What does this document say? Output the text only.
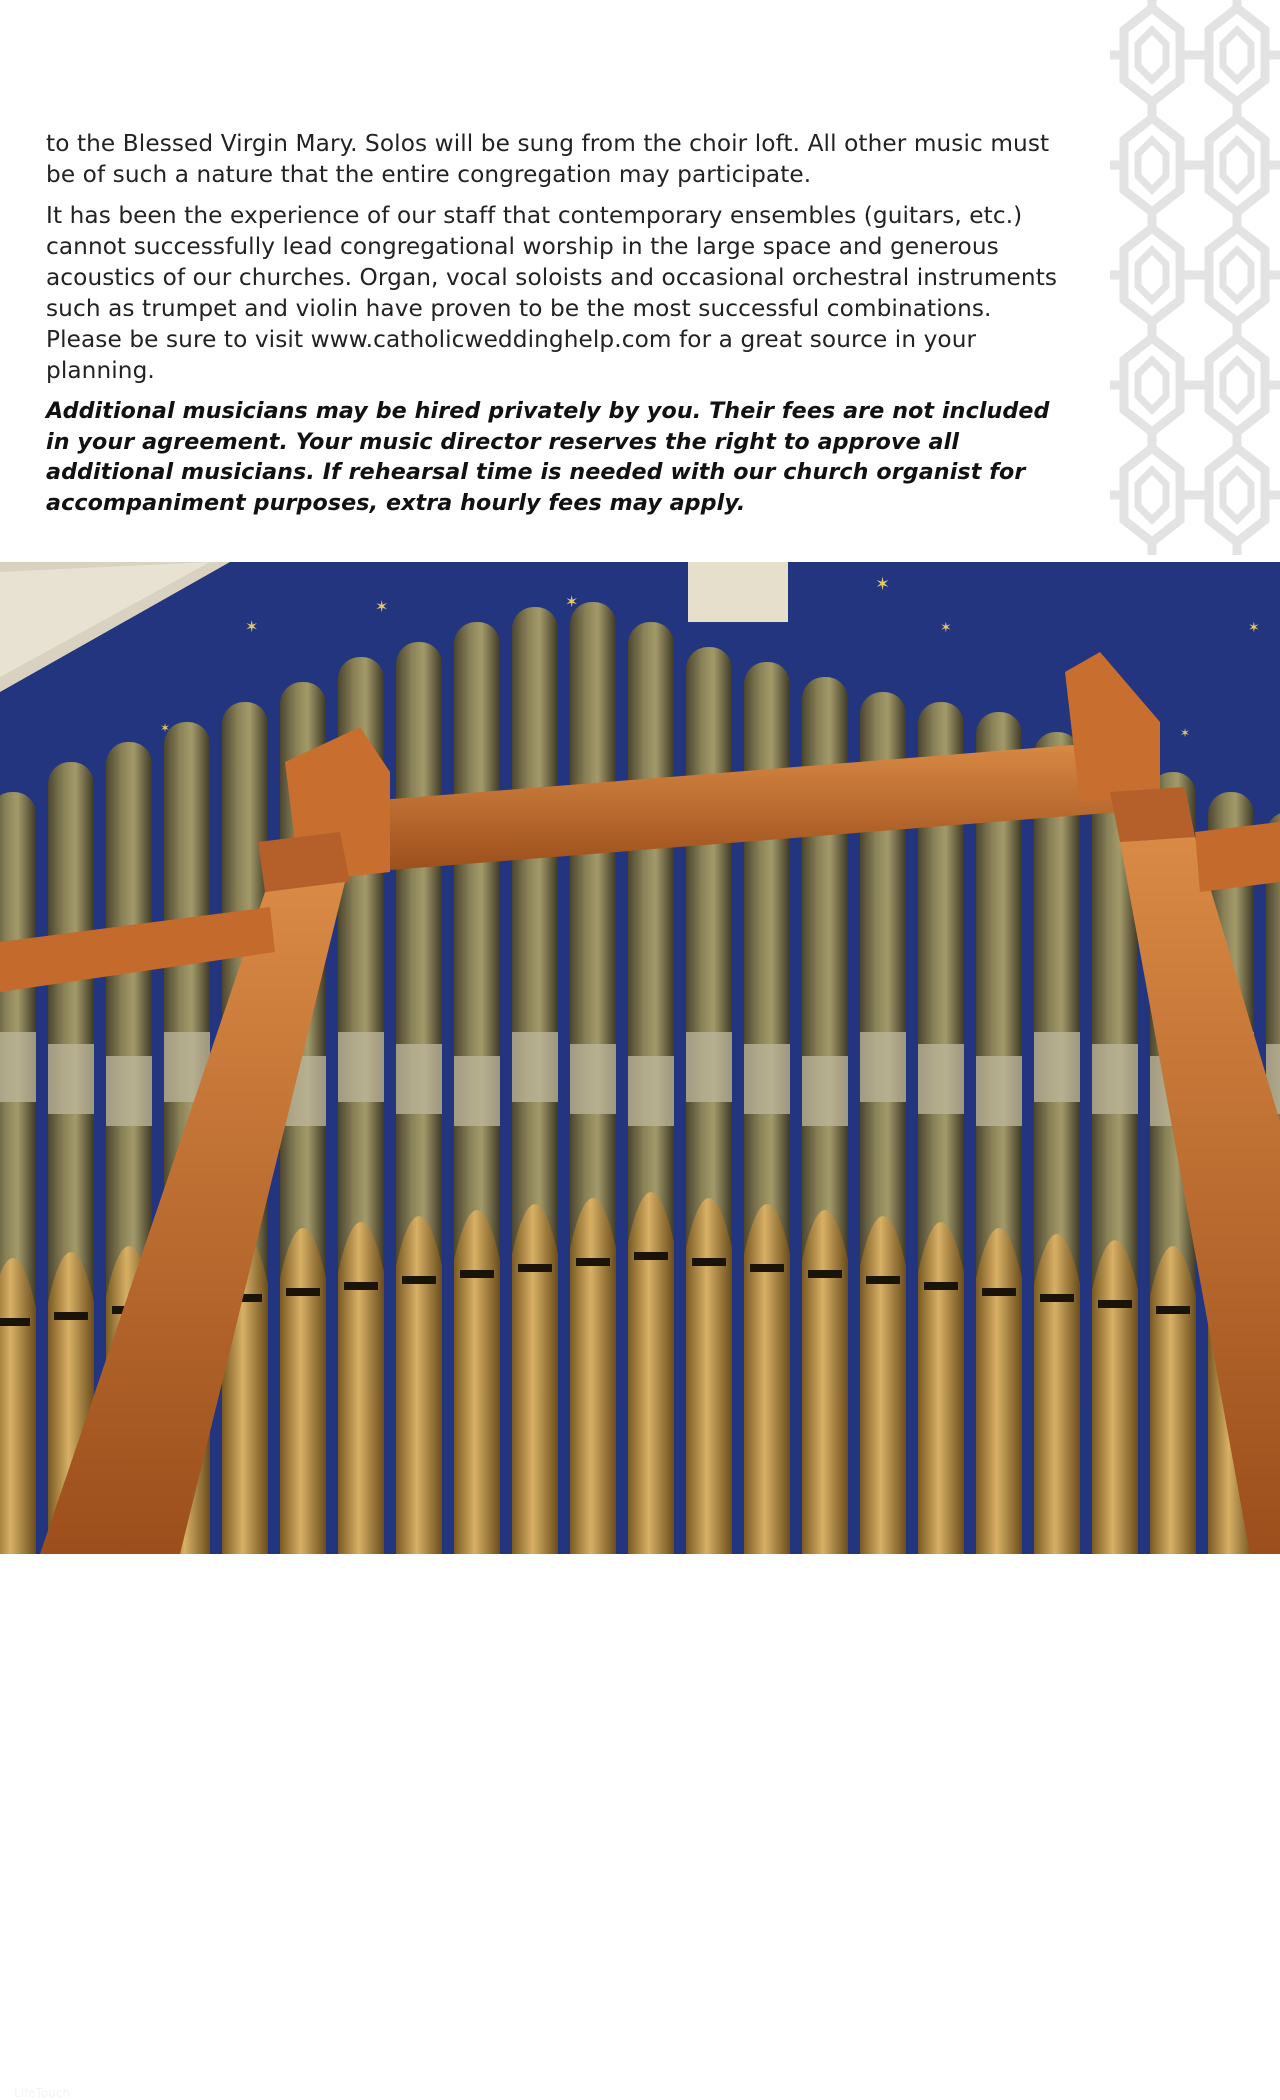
to the Blessed Virgin Mary. Solos will be sung from the choir loft. All other music must be of such a nature that the entire congregation may participate.

It has been the experience of our staff that contemporary ensembles (guitars, etc.) cannot successfully lead congregational worship in the large space and generous acoustics of our churches. Organ, vocal soloists and occasional orchestral instruments such as trumpet and violin have proven to be the most successful combinations. Please be sure to visit www.catholicweddinghelp.com for a great source in your planning.

Additional musicians may be hired privately by you. Their fees are not included in your agreement. Your music director reserves the right to approve all additional musicians. If rehearsal time is needed with our church organist for accompaniment purposes, extra hourly fees may apply.

✶
✶	✶
✶
✶	✶
✶	✶
LifeTouch
